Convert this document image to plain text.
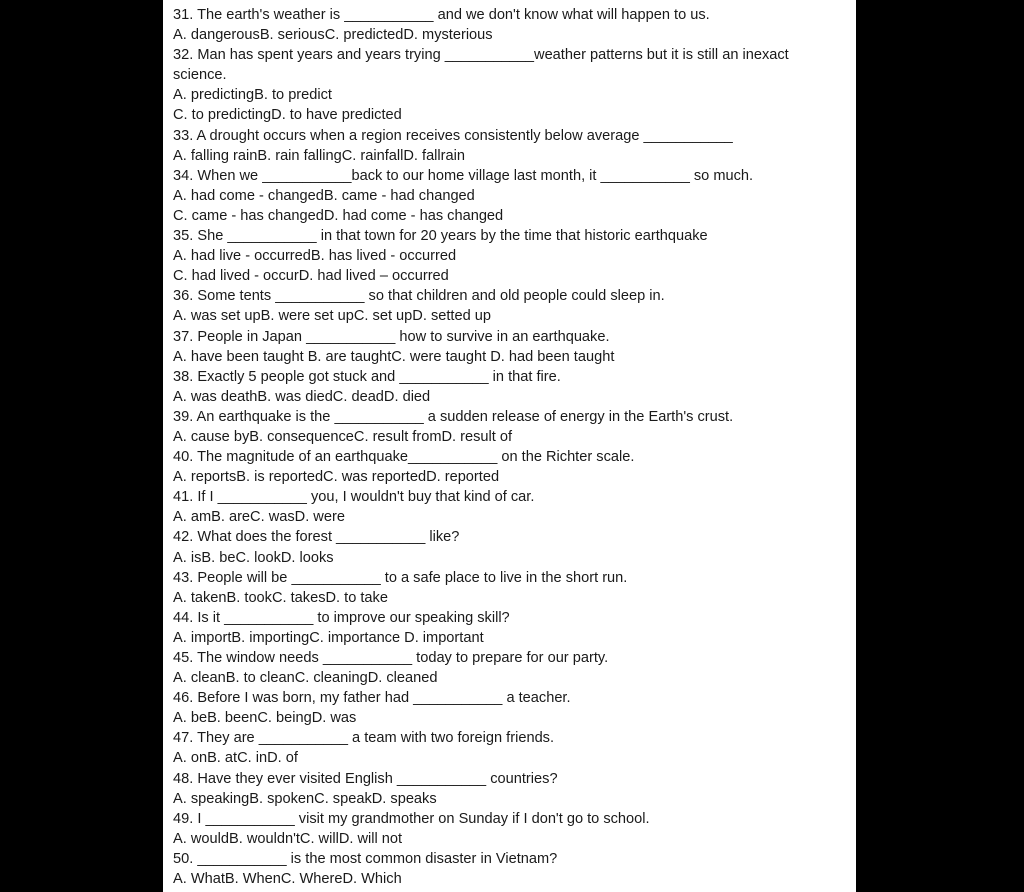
31. The earth's weather is ___________ and we don't know what will happen to us.
A. dangerousB. seriousC. predictedD. mysterious
32. Man has spent years and years trying ___________weather patterns but it is still an inexact
science.
A. predictingB. to predict
C. to predictingD. to have predicted
33. A drought occurs when a region receives consistently below average ___________
A. falling rainB. rain fallingC. rainfallD. fallrain
34. When we ___________back to our home village last month, it ___________ so much.
A. had come - changedB. came - had changed
C. came - has changedD. had come - has changed
35. She ___________ in that town for 20 years by the time that historic earthquake
A. had live - occurredB. has lived - occurred
C. had lived - occurD. had lived – occurred
36. Some tents ___________ so that children and old people could sleep in.
A. was set upB. were set upC. set upD. setted up
37. People in Japan ___________ how to survive in an earthquake.
A. have been taught B. are taughtC. were taught D. had been taught
38. Exactly 5 people got stuck and ___________ in that fire.
A. was deathB. was diedC. deadD. died
39. An earthquake is the ___________ a sudden release of energy in the Earth's crust.
A. cause byB. consequenceC. result fromD. result of
40. The magnitude of an earthquake___________ on the Richter scale.
A. reportsB. is reportedC. was reportedD. reported
41. If I ___________ you, I wouldn't buy that kind of car.
A. amB. areC. wasD. were
42. What does the forest ___________ like?
A. isB. beC. lookD. looks
43. People will be ___________ to a safe place to live in the short run.
A. takenB. tookC. takesD. to take
44. Is it ___________ to improve our speaking skill?
A. importB. importingC. importance D. important
45. The window needs ___________ today to prepare for our party.
A. cleanB. to cleanC. cleaningD. cleaned
46. Before I was born, my father had ___________ a teacher.
A. beB. beenC. beingD. was
47. They are ___________ a team with two foreign friends.
A. onB. atC. inD. of
48. Have they ever visited English ___________ countries?
A. speakingB. spokenC. speakD. speaks
49. I ___________ visit my grandmother on Sunday if I don't go to school.
A. wouldB. wouldn'tC. willD. will not
50. ___________ is the most common disaster in Vietnam?
A. WhatB. WhenC. WhereD. Which
